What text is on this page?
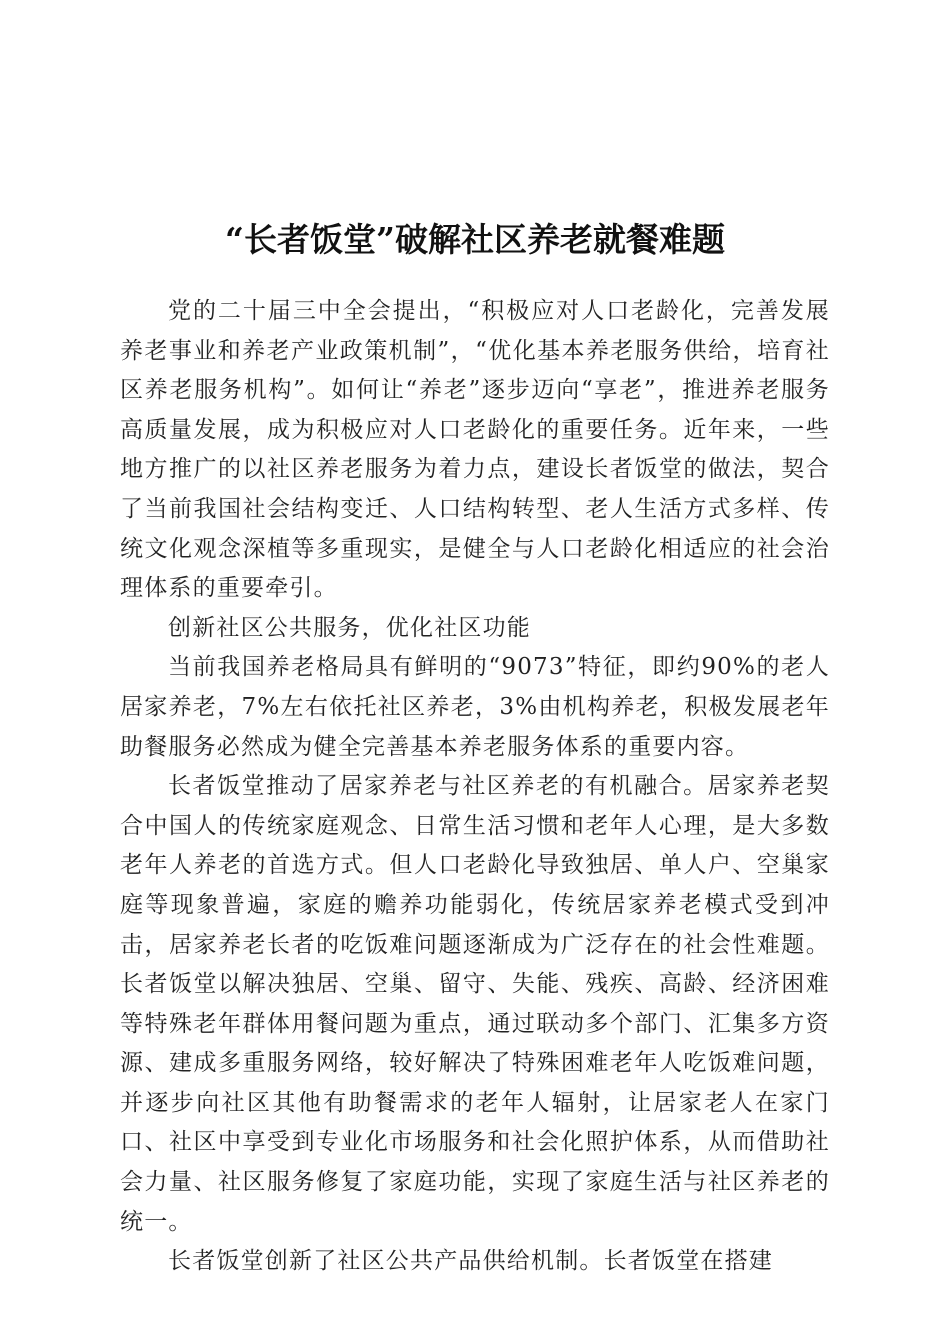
“长者饭堂”破解社区养老就餐难题

党的二十届三中全会提出，“积极应对人口老龄化，完善发展养老事业和养老产业政策机制”，“优化基本养老服务供给，培育社区养老服务机构”。如何让“养老”逐步迈向“享老”，推进养老服务高质量发展，成为积极应对人口老龄化的重要任务。近年来，一些地方推广的以社区养老服务为着力点，建设长者饭堂的做法，契合了当前我国社会结构变迁、人口结构转型、老人生活方式多样、传统文化观念深植等多重现实，是健全与人口老龄化相适应的社会治理体系的重要牵引。

创新社区公共服务，优化社区功能

当前我国养老格局具有鲜明的“9073”特征，即约90%的老人居家养老，7%左右依托社区养老，3%由机构养老，积极发展老年助餐服务必然成为健全完善基本养老服务体系的重要内容。

长者饭堂推动了居家养老与社区养老的有机融合。居家养老契合中国人的传统家庭观念、日常生活习惯和老年人心理，是大多数老年人养老的首选方式。但人口老龄化导致独居、单人户、空巢家庭等现象普遍，家庭的赡养功能弱化，传统居家养老模式受到冲击，居家养老长者的吃饭难问题逐渐成为广泛存在的社会性难题。长者饭堂以解决独居、空巢、留守、失能、残疾、高龄、经济困难等特殊老年群体用餐问题为重点，通过联动多个部门、汇集多方资源、建成多重服务网络，较好解决了特殊困难老年人吃饭难问题，并逐步向社区其他有助餐需求的老年人辐射，让居家老人在家门口、社区中享受到专业化市场服务和社会化照护体系，从而借助社会力量、社区服务修复了家庭功能，实现了家庭生活与社区养老的统一。

长者饭堂创新了社区公共产品供给机制。长者饭堂在搭建
